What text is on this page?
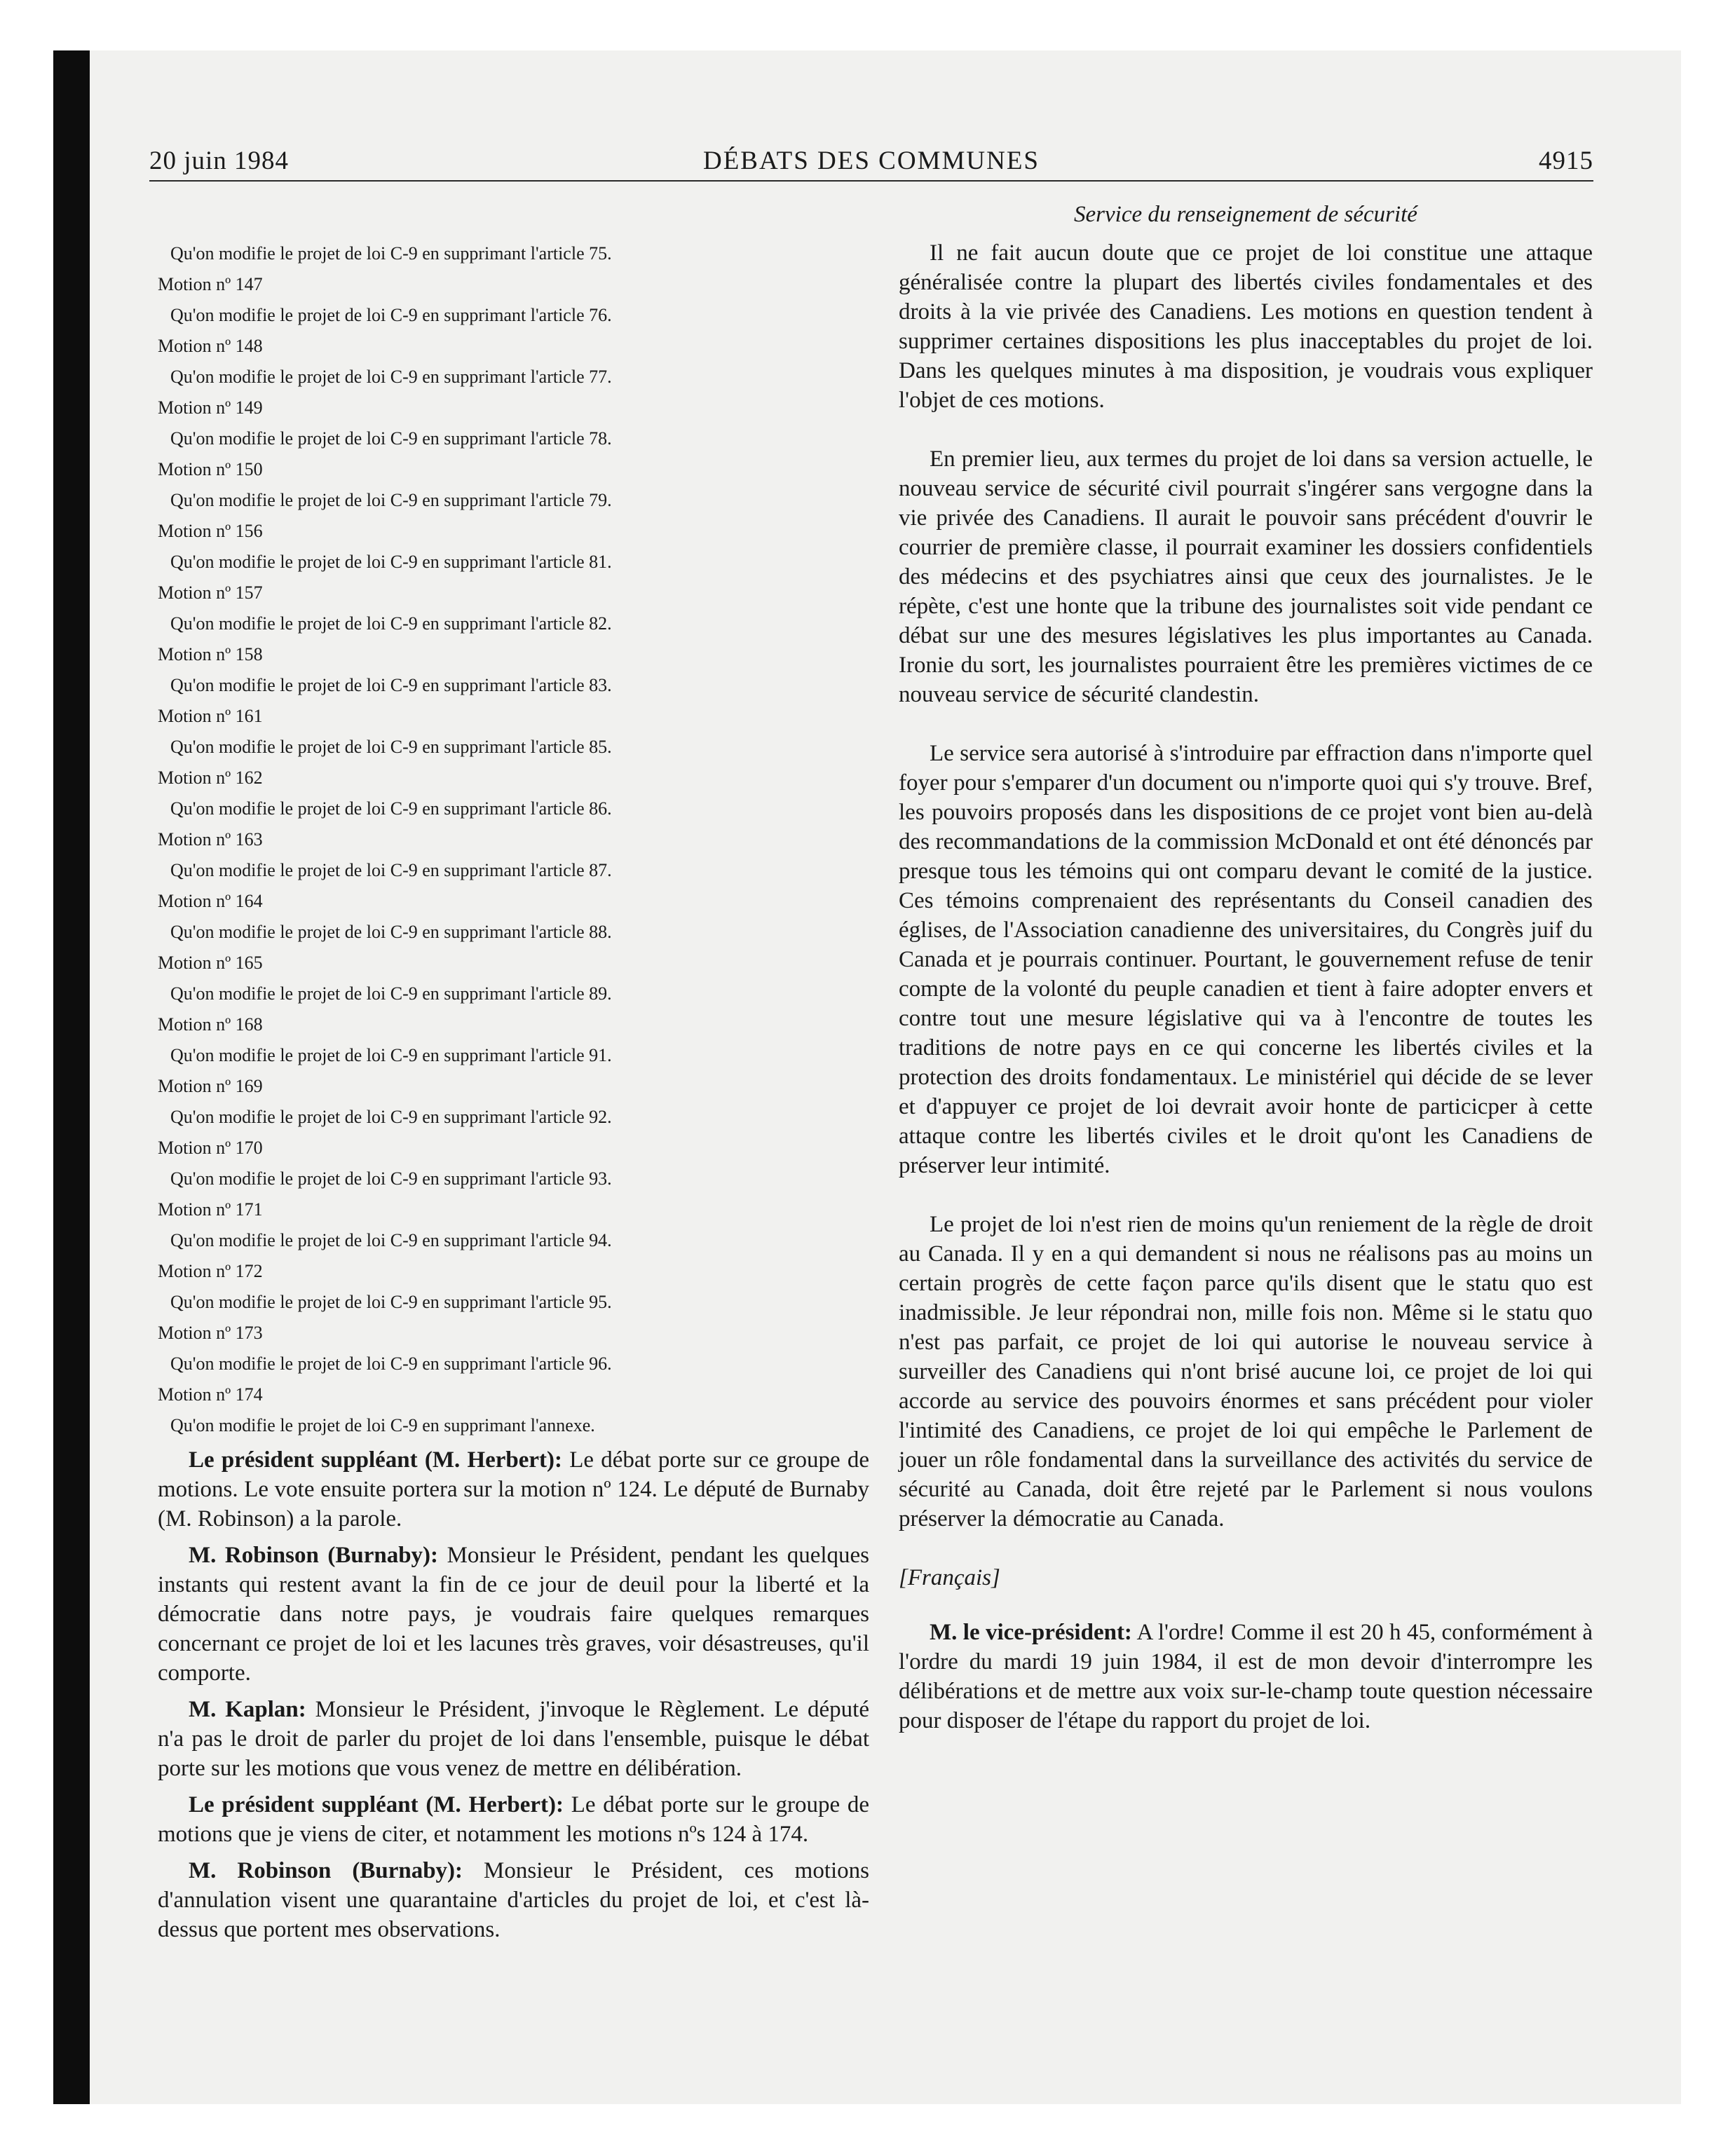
20 juin 1984	DÉBATS DES COMMUNES	4915
Qu'on modifie le projet de loi C-9 en supprimant l'article 75.
Motion nº 147
Qu'on modifie le projet de loi C-9 en supprimant l'article 76.
Motion nº 148
Qu'on modifie le projet de loi C-9 en supprimant l'article 77.
Motion nº 149
Qu'on modifie le projet de loi C-9 en supprimant l'article 78.
Motion nº 150
Qu'on modifie le projet de loi C-9 en supprimant l'article 79.
Motion nº 156
Qu'on modifie le projet de loi C-9 en supprimant l'article 81.
Motion nº 157
Qu'on modifie le projet de loi C-9 en supprimant l'article 82.
Motion nº 158
Qu'on modifie le projet de loi C-9 en supprimant l'article 83.
Motion nº 161
Qu'on modifie le projet de loi C-9 en supprimant l'article 85.
Motion nº 162
Qu'on modifie le projet de loi C-9 en supprimant l'article 86.
Motion nº 163
Qu'on modifie le projet de loi C-9 en supprimant l'article 87.
Motion nº 164
Qu'on modifie le projet de loi C-9 en supprimant l'article 88.
Motion nº 165
Qu'on modifie le projet de loi C-9 en supprimant l'article 89.
Motion nº 168
Qu'on modifie le projet de loi C-9 en supprimant l'article 91.
Motion nº 169
Qu'on modifie le projet de loi C-9 en supprimant l'article 92.
Motion nº 170
Qu'on modifie le projet de loi C-9 en supprimant l'article 93.
Motion nº 171
Qu'on modifie le projet de loi C-9 en supprimant l'article 94.
Motion nº 172
Qu'on modifie le projet de loi C-9 en supprimant l'article 95.
Motion nº 173
Qu'on modifie le projet de loi C-9 en supprimant l'article 96.
Motion nº 174
Qu'on modifie le projet de loi C-9 en supprimant l'annexe.

Le président suppléant (M. Herbert): Le débat porte sur ce groupe de motions. Le vote ensuite portera sur la motion nº 124. Le député de Burnaby (M. Robinson) a la parole.

M. Robinson (Burnaby): Monsieur le Président, pendant les quelques instants qui restent avant la fin de ce jour de deuil pour la liberté et la démocratie dans notre pays, je voudrais faire quelques remarques concernant ce projet de loi et les lacunes très graves, voir désastreuses, qu'il comporte.

M. Kaplan: Monsieur le Président, j'invoque le Règlement. Le député n'a pas le droit de parler du projet de loi dans l'ensemble, puisque le débat porte sur les motions que vous venez de mettre en délibération.

Le président suppléant (M. Herbert): Le débat porte sur le groupe de motions que je viens de citer, et notamment les motions nºs 124 à 174.

M. Robinson (Burnaby): Monsieur le Président, ces motions d'annulation visent une quarantaine d'articles du projet de loi, et c'est là-dessus que portent mes observations.

Service du renseignement de sécurité

Il ne fait aucun doute que ce projet de loi constitue une attaque généralisée contre la plupart des libertés civiles fondamentales et des droits à la vie privée des Canadiens. Les motions en question tendent à supprimer certaines dispositions les plus inacceptables du projet de loi. Dans les quelques minutes à ma disposition, je voudrais vous expliquer l'objet de ces motions.

En premier lieu, aux termes du projet de loi dans sa version actuelle, le nouveau service de sécurité civil pourrait s'ingérer sans vergogne dans la vie privée des Canadiens. Il aurait le pouvoir sans précédent d'ouvrir le courrier de première classe, il pourrait examiner les dossiers confidentiels des médecins et des psychiatres ainsi que ceux des journalistes. Je le répète, c'est une honte que la tribune des journalistes soit vide pendant ce débat sur une des mesures législatives les plus importantes au Canada. Ironie du sort, les journalistes pourraient être les premières victimes de ce nouveau service de sécurité clandestin.

Le service sera autorisé à s'introduire par effraction dans n'importe quel foyer pour s'emparer d'un document ou n'importe quoi qui s'y trouve. Bref, les pouvoirs proposés dans les dispositions de ce projet vont bien au-delà des recommandations de la commission McDonald et ont été dénoncés par presque tous les témoins qui ont comparu devant le comité de la justice. Ces témoins comprenaient des représentants du Conseil canadien des églises, de l'Association canadienne des universitaires, du Congrès juif du Canada et je pourrais continuer. Pourtant, le gouvernement refuse de tenir compte de la volonté du peuple canadien et tient à faire adopter envers et contre tout une mesure législative qui va à l'encontre de toutes les traditions de notre pays en ce qui concerne les libertés civiles et la protection des droits fondamentaux. Le ministériel qui décide de se lever et d'appuyer ce projet de loi devrait avoir honte de particicper à cette attaque contre les libertés civiles et le droit qu'ont les Canadiens de préserver leur intimité.

Le projet de loi n'est rien de moins qu'un reniement de la règle de droit au Canada. Il y en a qui demandent si nous ne réalisons pas au moins un certain progrès de cette façon parce qu'ils disent que le statu quo est inadmissible. Je leur répondrai non, mille fois non. Même si le statu quo n'est pas parfait, ce projet de loi qui autorise le nouveau service à surveiller des Canadiens qui n'ont brisé aucune loi, ce projet de loi qui accorde au service des pouvoirs énormes et sans précédent pour violer l'intimité des Canadiens, ce projet de loi qui empêche le Parlement de jouer un rôle fondamental dans la surveillance des activités du service de sécurité au Canada, doit être rejeté par le Parlement si nous voulons préserver la démocratie au Canada.

[Français]

M. le vice-président: A l'ordre! Comme il est 20 h 45, conformément à l'ordre du mardi 19 juin 1984, il est de mon devoir d'interrompre les délibérations et de mettre aux voix sur-le-champ toute question nécessaire pour disposer de l'étape du rapport du projet de loi.
